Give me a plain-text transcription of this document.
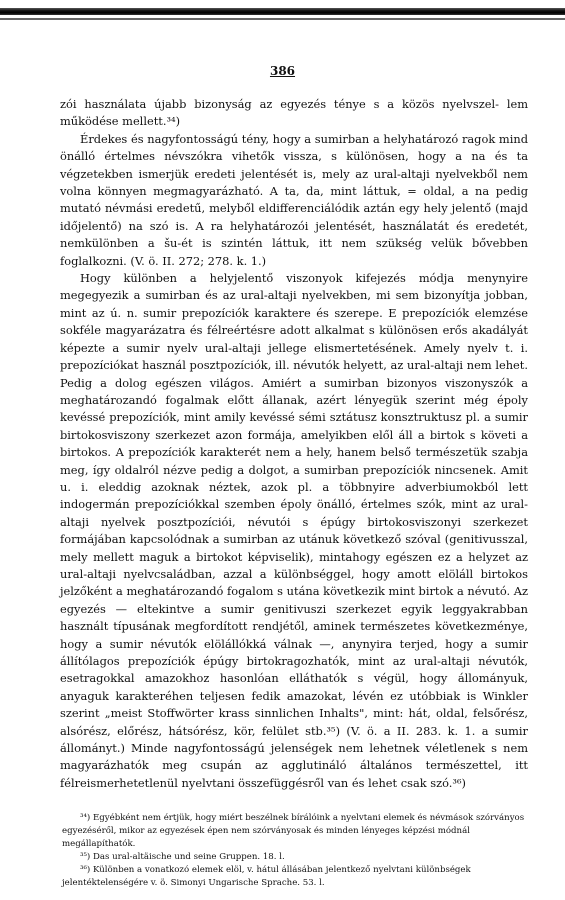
386

zói használata újabb bizonyság az egyezés ténye s a közös nyelvszel- lem működése mellett.³⁴)

Érdekes és nagyfontosságú tény, hogy a sumirban a helyhatározó ragok mind önálló értelmes névszókra vihetők vissza, s különösen, hogy a na és ta végzetekben ismerjük eredeti jelentését is, mely az ural-altaji nyelvekből nem volna könnyen megmagyarázható. A ta, da, mint láttuk, = oldal, a na pedig mutató névmási eredetű, melyből eldifferenciálódik aztán egy hely jelentő (majd időjelentő) na szó is. A ra helyhatározói jelentését, használatát és eredetét, nemkülönben a šu-ét is szintén láttuk, itt nem szükség velük bővebben foglalkozni. (V. ö. II. 272; 278. k. 1.)

Hogy különben a helyjelentő viszonyok kifejezés módja menynyire megegyezik a sumirban és az ural-altaji nyelvekben, mi sem bizonyítja jobban, mint az ú. n. sumir prepozíciók karaktere és szerepe. E prepozíciók elemzése sokféle magyarázatra és félreértésre adott alkalmat s különösen erős akadályát képezte a sumir nyelv ural-altaji jellege elismertetésének. Amely nyelv t. i. prepozíciókat használ posztpozíciók, ill. névutók helyett, az ural-altaji nem lehet. Pedig a dolog egészen világos. Amiért a sumirban bizonyos viszonyszók a meghatározandó fogalmak előtt állanak, azért lényegük szerint még époly kevéssé prepozíciók, mint amily kevéssé sémi sztátusz konsztruktusz pl. a sumir birtokosviszony szerkezet azon formája, amelyikben elől áll a birtok s követi a birtokos. A prepozíciók karakterét nem a hely, hanem belső természetük szabja meg, így oldalról nézve pedig a dolgot, a sumirban prepozíciók nincsenek. Amit u. i. eleddig azoknak néztek, azok pl. a többnyire adverbiumokból lett indogermán prepozíciókkal szemben époly önálló, értelmes szók, mint az ural-altaji nyelvek posztpozíciói, névutói s épúgy birtokosviszonyi szerkezet formájában kapcsolódnak a sumirban az utánuk következő szóval (genitivusszal, mely mellett maguk a birtokot képviselik), mintahogy egészen ez a helyzet az ural-altaji nyelvcsaládban, azzal a különbséggel, hogy amott elöláll birtokos jelzőként a meghatározandó fogalom s utána következik mint birtok a névutó. Az egyezés — eltekintve a sumir genitivuszi szerkezet egyik leggyakrabban használt típusának megfordított rendjétől, aminek természetes következménye, hogy a sumir névutók elölállókká válnak —, anynyira terjed, hogy a sumir állítólagos prepozíciók épúgy birtokragozhatók, mint az ural-altaji névutók, esetragokkal amazokhoz hasonlóan elláthatók s végül, hogy állományuk, anyaguk karakteréhen teljesen fedik amazokat, lévén ez utóbbiak is Winkler szerint „meist Stoffwörter krass sinnlichen Inhalts", mint: hát, oldal, felsőrész, alsórész, előrész, hátsórész, kör, felület stb.³⁵) (V. ö. a II. 283. k. 1. a sumir állományt.) Minde nagyfontosságú jelenségek nem lehetnek véletlenek s nem magyarázhatók meg csupán az agglutináló általános természettel, itt félreismerhetetlenül nyelvtani összefüggésről van és lehet csak szó.³⁶)

³⁴) Egyébként nem értjük, hogy miért beszélnek bírálóink a nyelvtani elemek és névmások szórványos egyezéséről, mikor az egyezések épen nem szórványosak és minden lényeges képzési módnál megállapíthatók.

³⁵) Das ural-altäische und seine Gruppen. 18. l.

³⁶) Különben a vonatkozó elemek elöl, v. hátul állásában jelentkező nyelvtani különbségek jelentéktelenségére v. ö. Simonyi Ungarische Sprache. 53. l.
